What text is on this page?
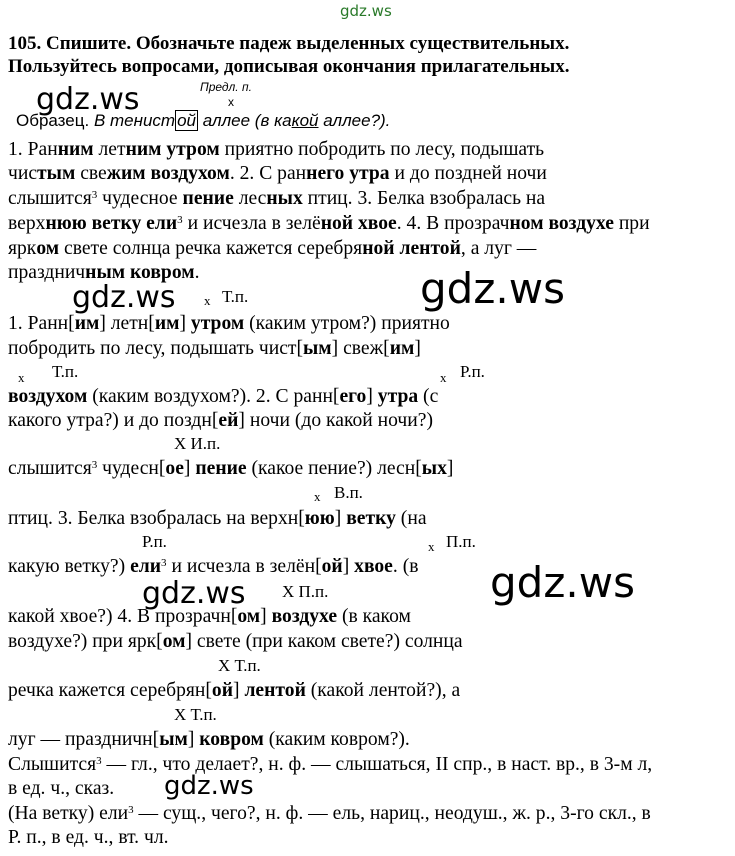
gdz.ws
105. Спишите. Обозначьте падеж выделенных существительных.
Пользуйтесь вопросами, дописывая окончания прилагательных.
gdz.ws	Предл. п.
x
Образец. В тенист ой аллее (в какой аллее?).
1. Ранним летним утром приятно побродить по лесу, подышать
чистым свежим воздухом. 2. С раннего утра и до поздней ночи
слышится$^3$ чудесное пение лесных птиц. 3. Белка взобралась на
верхнюю ветку ели$^3$ и исчезла в зелёной хвое. 4. В прозрачном воздухе при
ярком свете солнца речка кажется серебряной лентой, а луг —
праздничным ковром.
gdz.ws	gdz.ws
x Т.п.
1. Ранн[им] летн[им] утром (каким утром?) приятно
побродить по лесу, подышать чист[ым] свеж[им]
x Т.п.	x Р.п.
воздухом (каким воздухом?). 2. С ранн[его] утра (с
какого утра?) и до поздн[ей] ночи (до какой ночи?)
Х И.п.
слышится$^3$ чудесн[ое] пение (какое пение?) лесн[ых]
x В.п.
птиц. 3. Белка взобралась на верхн[юю] ветку (на
Р.п.	x П.п.
какую ветку?) ели$^3$ и исчезла в зелён[ой] хвое. (в
gdz.ws Х П.п.	gdz.ws
какой хвое?) 4. В прозрачн[ом] воздухе (в каком
воздухе?) при ярк[ом] свете (при каком свете?) солнца
Х Т.п.
речка кажется серебрян[ой] лентой (какой лентой?), а
Х Т.п.
луг — праздничн[ым] ковром (каким ковром?).
Слышится$^3$ — гл., что делает?, н. ф. — слышаться, II спр., в наст. вр., в 3-м л,
gdz.ws
в ед. ч., сказ.
(На ветку) ели$^3$ — сущ., чего?, н. ф. — ель, нариц., неодуш., ж. р., 3-го скл., в
Р. п., в ед. ч., вт. чл.
